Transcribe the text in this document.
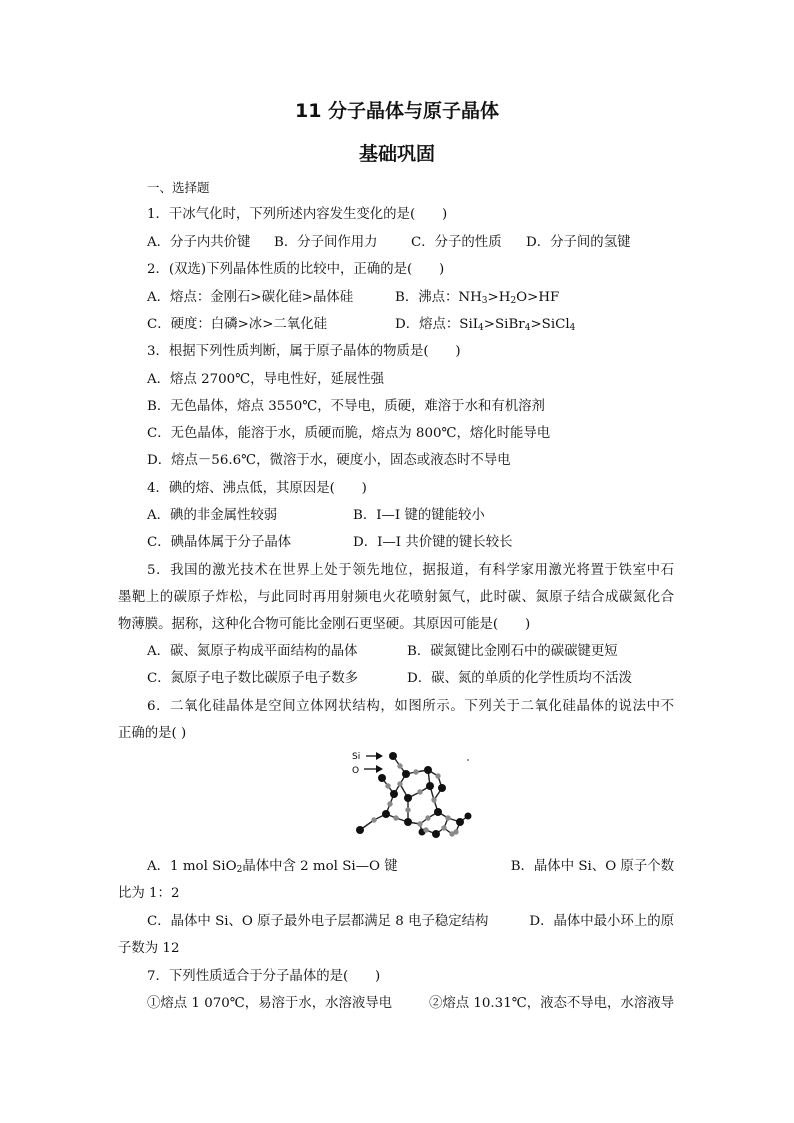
11 分子晶体与原子晶体
基础巩固
一、选择题
1．干冰气化时，下列所述内容发生变化的是(　　)
A．分子内共价键 B．分子间作用力 C．分子的性质 D．分子间的氢键
2．(双选)下列晶体性质的比较中，正确的是(　　)
A．熔点：金刚石>碳化硅>晶体硅	B．沸点：$NH_3>H_2O>HF$
C．硬度：白磷>冰>二氧化硅	D．熔点：SiI$_4$>SiBr$_4$>SiCl$_4$
3．根据下列性质判断，属于原子晶体的物质是(　　)
A．熔点 2700℃，导电性好，延展性强
B．无色晶体，熔点 3550℃，不导电，质硬，难溶于水和有机溶剂
C．无色晶体，能溶于水，质硬而脆，熔点为 800℃，熔化时能导电
D．熔点－56.6℃，微溶于水，硬度小，固态或液态时不导电
4．碘的熔、沸点低，其原因是(　　)
A．碘的非金属性较弱	B．I—I 键的键能较小
C．碘晶体属于分子晶体	D．I—I 共价键的键长较长
5．我国的激光技术在世界上处于领先地位，据报道，有科学家用激光将置于铁室中石
墨靶上的碳原子炸松，与此同时再用射频电火花喷射氮气，此时碳、氮原子结合成碳氮化合
物薄膜。据称，这种化合物可能比金刚石更坚硬。其原因可能是(　　)
A．碳、氮原子构成平面结构的晶体	B．碳氮键比金刚石中的碳碳键更短
C．氮原子电子数比碳原子电子数多	D．碳、氮的单质的化学性质均不活泼
6．二氧化硅晶体是空间立体网状结构，如图所示。下列关于二氧化硅晶体的说法中不
正确的是( )
Si
O
A．1 mol SiO$_2$晶体中含 2 mol Si—O 键	B．晶体中 Si、O 原子个数
比为 1：2
C．晶体中 Si、O 原子最外电子层都满足 8 电子稳定结构	D．晶体中最小环上的原
子数为 12
7．下列性质适合于分子晶体的是(　　)
①熔点 1 070℃，易溶于水，水溶液导电	②熔点 10.31℃，液态不导电，水溶液导
